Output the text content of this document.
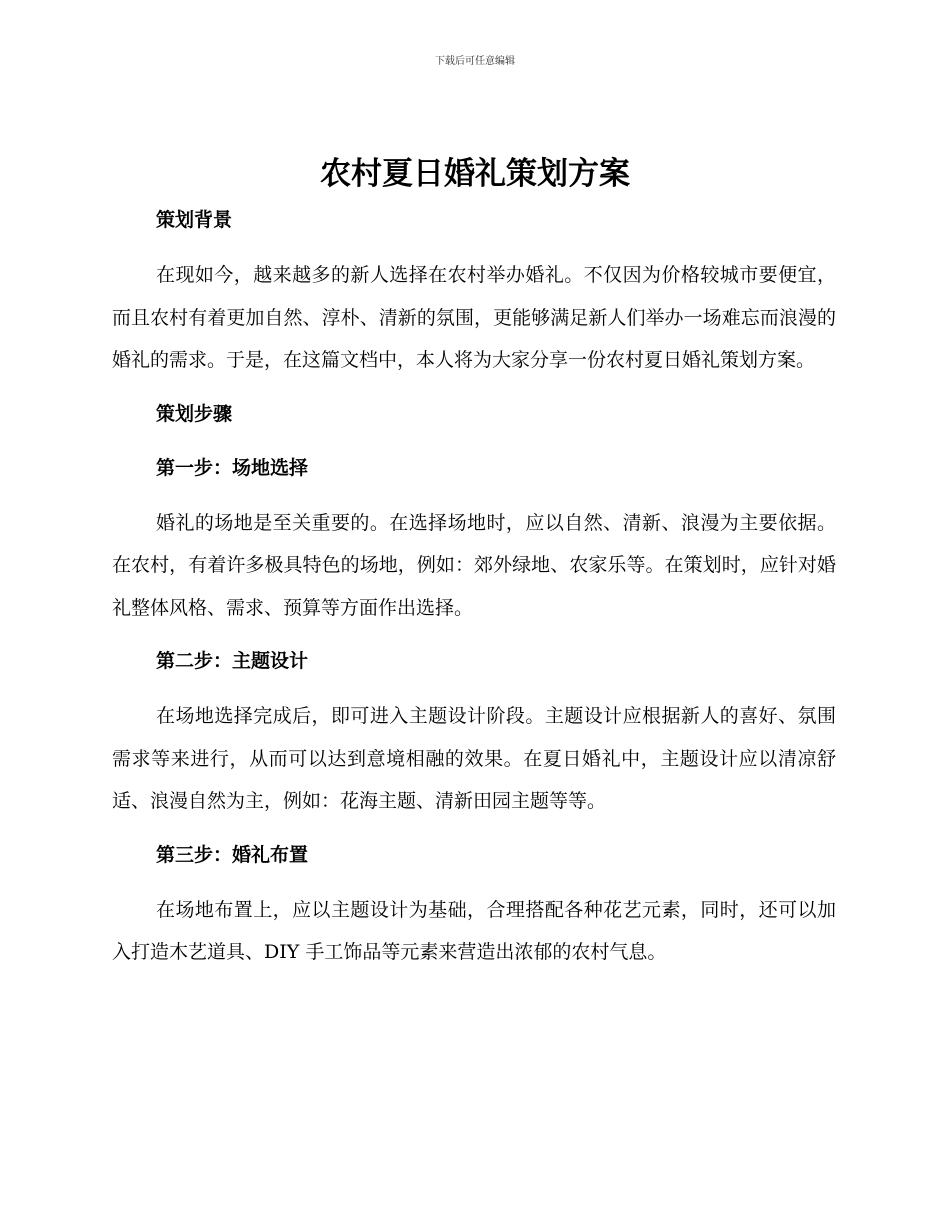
下载后可任意编辑
农村夏日婚礼策划方案
策划背景

在现如今，越来越多的新人选择在农村举办婚礼。不仅因为价格较城市要便宜，而且农村有着更加自然、淳朴、清新的氛围，更能够满足新人们举办一场难忘而浪漫的婚礼的需求。于是，在这篇文档中，本人将为大家分享一份农村夏日婚礼策划方案。

策划步骤
第一步：场地选择

婚礼的场地是至关重要的。在选择场地时，应以自然、清新、浪漫为主要依据。在农村，有着许多极具特色的场地，例如：郊外绿地、农家乐等。在策划时，应针对婚礼整体风格、需求、预算等方面作出选择。

第二步：主题设计

在场地选择完成后，即可进入主题设计阶段。主题设计应根据新人的喜好、氛围需求等来进行，从而可以达到意境相融的效果。在夏日婚礼中，主题设计应以清凉舒适、浪漫自然为主，例如：花海主题、清新田园主题等等。

第三步：婚礼布置

在场地布置上，应以主题设计为基础，合理搭配各种花艺元素，同时，还可以加入打造木艺道具、DIY 手工饰品等元素来营造出浓郁的农村气息。
